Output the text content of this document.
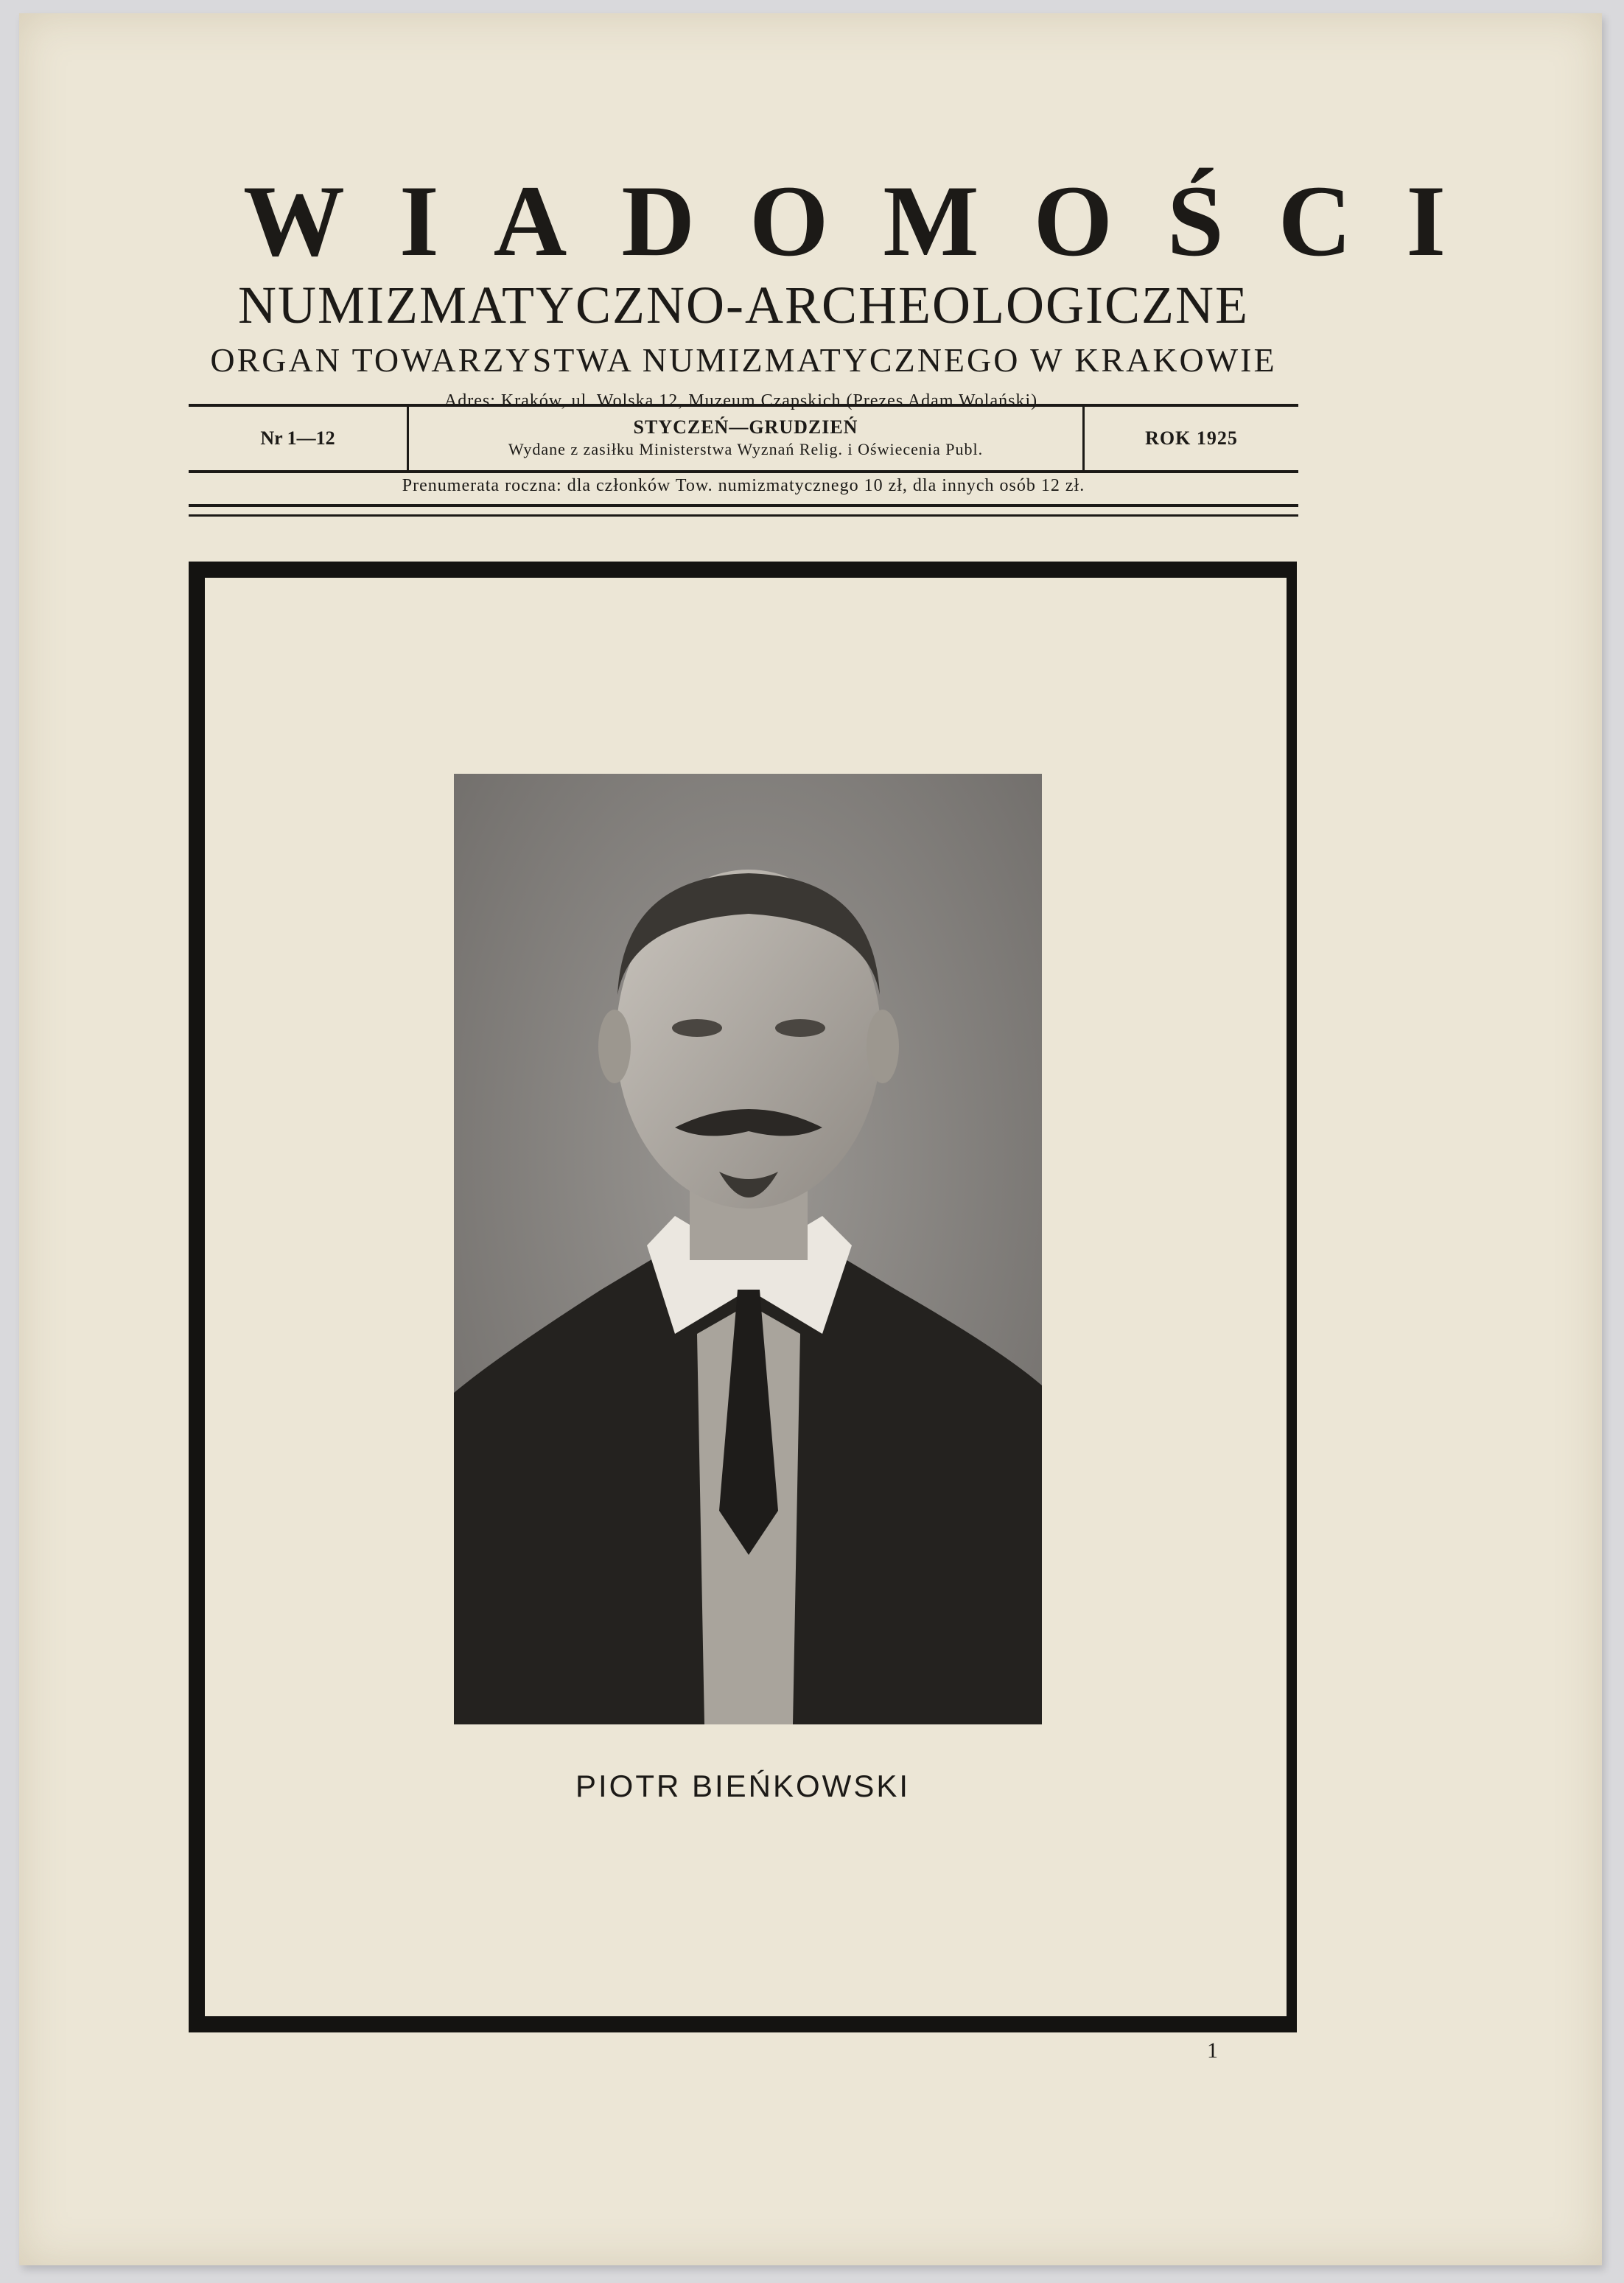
WIADOMOŚCI
NUMIZMATYCZNO-ARCHEOLOGICZNE
ORGAN TOWARZYSTWA NUMIZMATYCZNEGO W KRAKOWIE
Adres: Kraków, ul. Wolska 12, Muzeum Czapskich (Prezes Adam Wolański).
Nr 1—12
STYCZEŃ—GRUDZIEŃ
Wydane z zasiłku Ministerstwa Wyznań Relig. i Oświecenia Publ.
ROK 1925
Prenumerata roczna: dla członków Tow. numizmatycznego 10 zł, dla innych osób 12 zł.
PIOTR BIEŃKOWSKI
1
